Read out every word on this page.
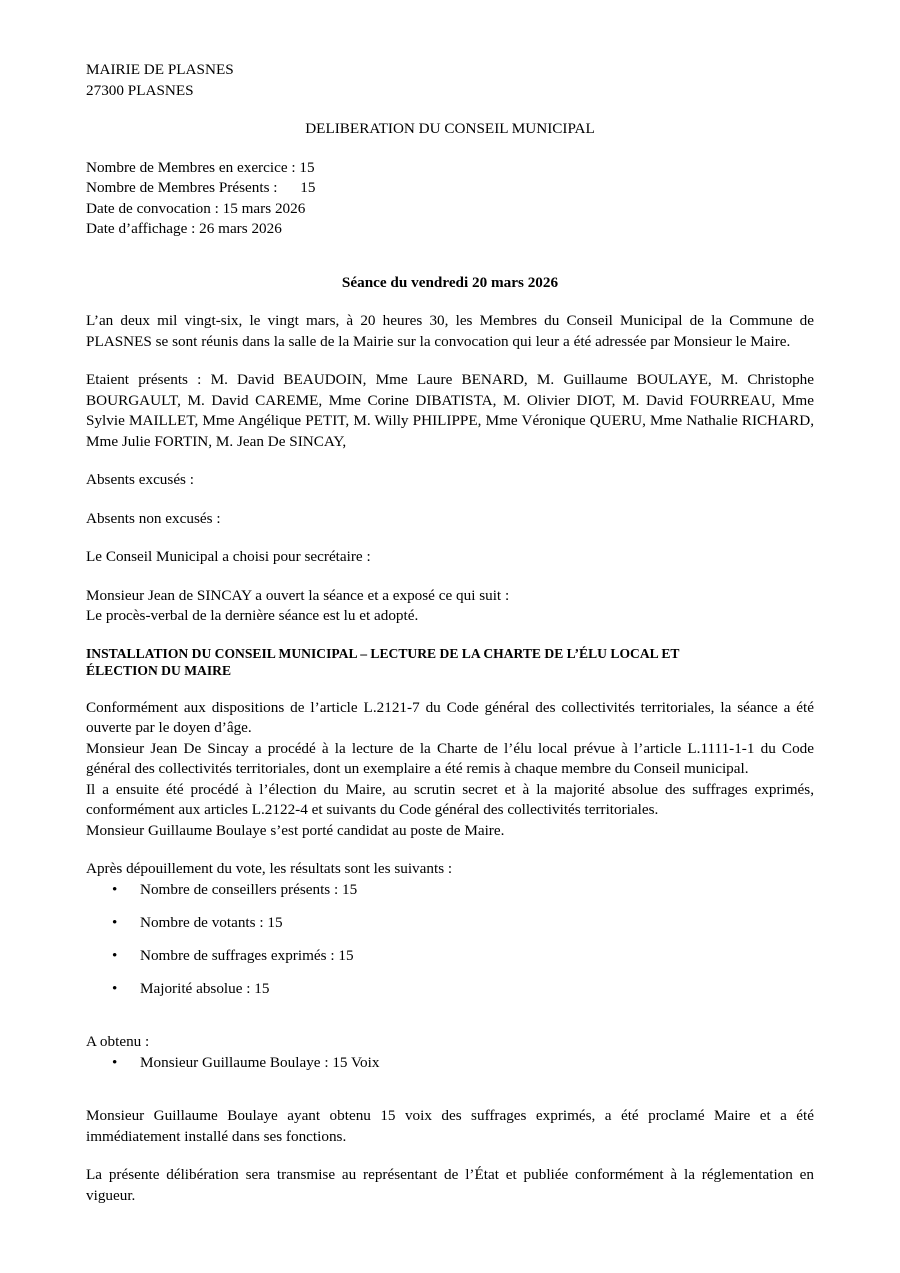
MAIRIE DE PLASNES

27300 PLASNES

DELIBERATION DU CONSEIL MUNICIPAL

Nombre de Membres en exercice : 15

Nombre de Membres Présents :      15

Date de convocation : 15 mars 2026

Date d’affichage : 26 mars 2026

Séance du vendredi 20 mars 2026

L’an deux mil vingt-six, le vingt mars, à 20 heures 30, les Membres du Conseil Municipal de la Commune de PLASNES se sont réunis dans la salle de la Mairie sur la convocation qui leur a été adressée par Monsieur le Maire.

Etaient présents : M. David BEAUDOIN, Mme Laure BENARD, M. Guillaume BOULAYE, M. Christophe BOURGAULT, M. David CAREME, Mme Corine DIBATISTA, M. Olivier DIOT, M. David FOURREAU, Mme Sylvie MAILLET, Mme Angélique PETIT, M. Willy PHILIPPE, Mme Véronique QUERU, Mme Nathalie RICHARD, Mme Julie FORTIN, M. Jean De SINCAY,

Absents excusés :

Absents non excusés :

Le Conseil Municipal a choisi pour secrétaire :

Monsieur Jean de SINCAY a ouvert la séance et a exposé ce qui suit :

Le procès-verbal de la dernière séance est lu et adopté.

INSTALLATION DU CONSEIL MUNICIPAL – LECTURE DE LA CHARTE DE L’ÉLU LOCAL ET
ÉLECTION DU MAIRE

Conformément aux dispositions de l’article L.2121-7 du Code général des collectivités territoriales, la séance a été ouverte par le doyen d’âge.

Monsieur Jean De Sincay a procédé à la lecture de la Charte de l’élu local prévue à l’article L.1111-1-1 du Code général des collectivités territoriales, dont un exemplaire a été remis à chaque membre du Conseil municipal.

Il a ensuite été procédé à l’élection du Maire, au scrutin secret et à la majorité absolue des suffrages exprimés, conformément aux articles L.2122-4 et suivants du Code général des collectivités territoriales.

Monsieur Guillaume Boulaye s’est porté candidat au poste de Maire.

Après dépouillement du vote, les résultats sont les suivants :

• Nombre de conseillers présents : 15
• Nombre de votants : 15
• Nombre de suffrages exprimés : 15
• Majorité absolue : 15

A obtenu :

• Monsieur Guillaume Boulaye : 15 Voix

Monsieur Guillaume Boulaye ayant obtenu 15 voix des suffrages exprimés, a été proclamé Maire et a été immédiatement installé dans ses fonctions.

La présente délibération sera transmise au représentant de l’État et publiée conformément à la réglementation en vigueur.
